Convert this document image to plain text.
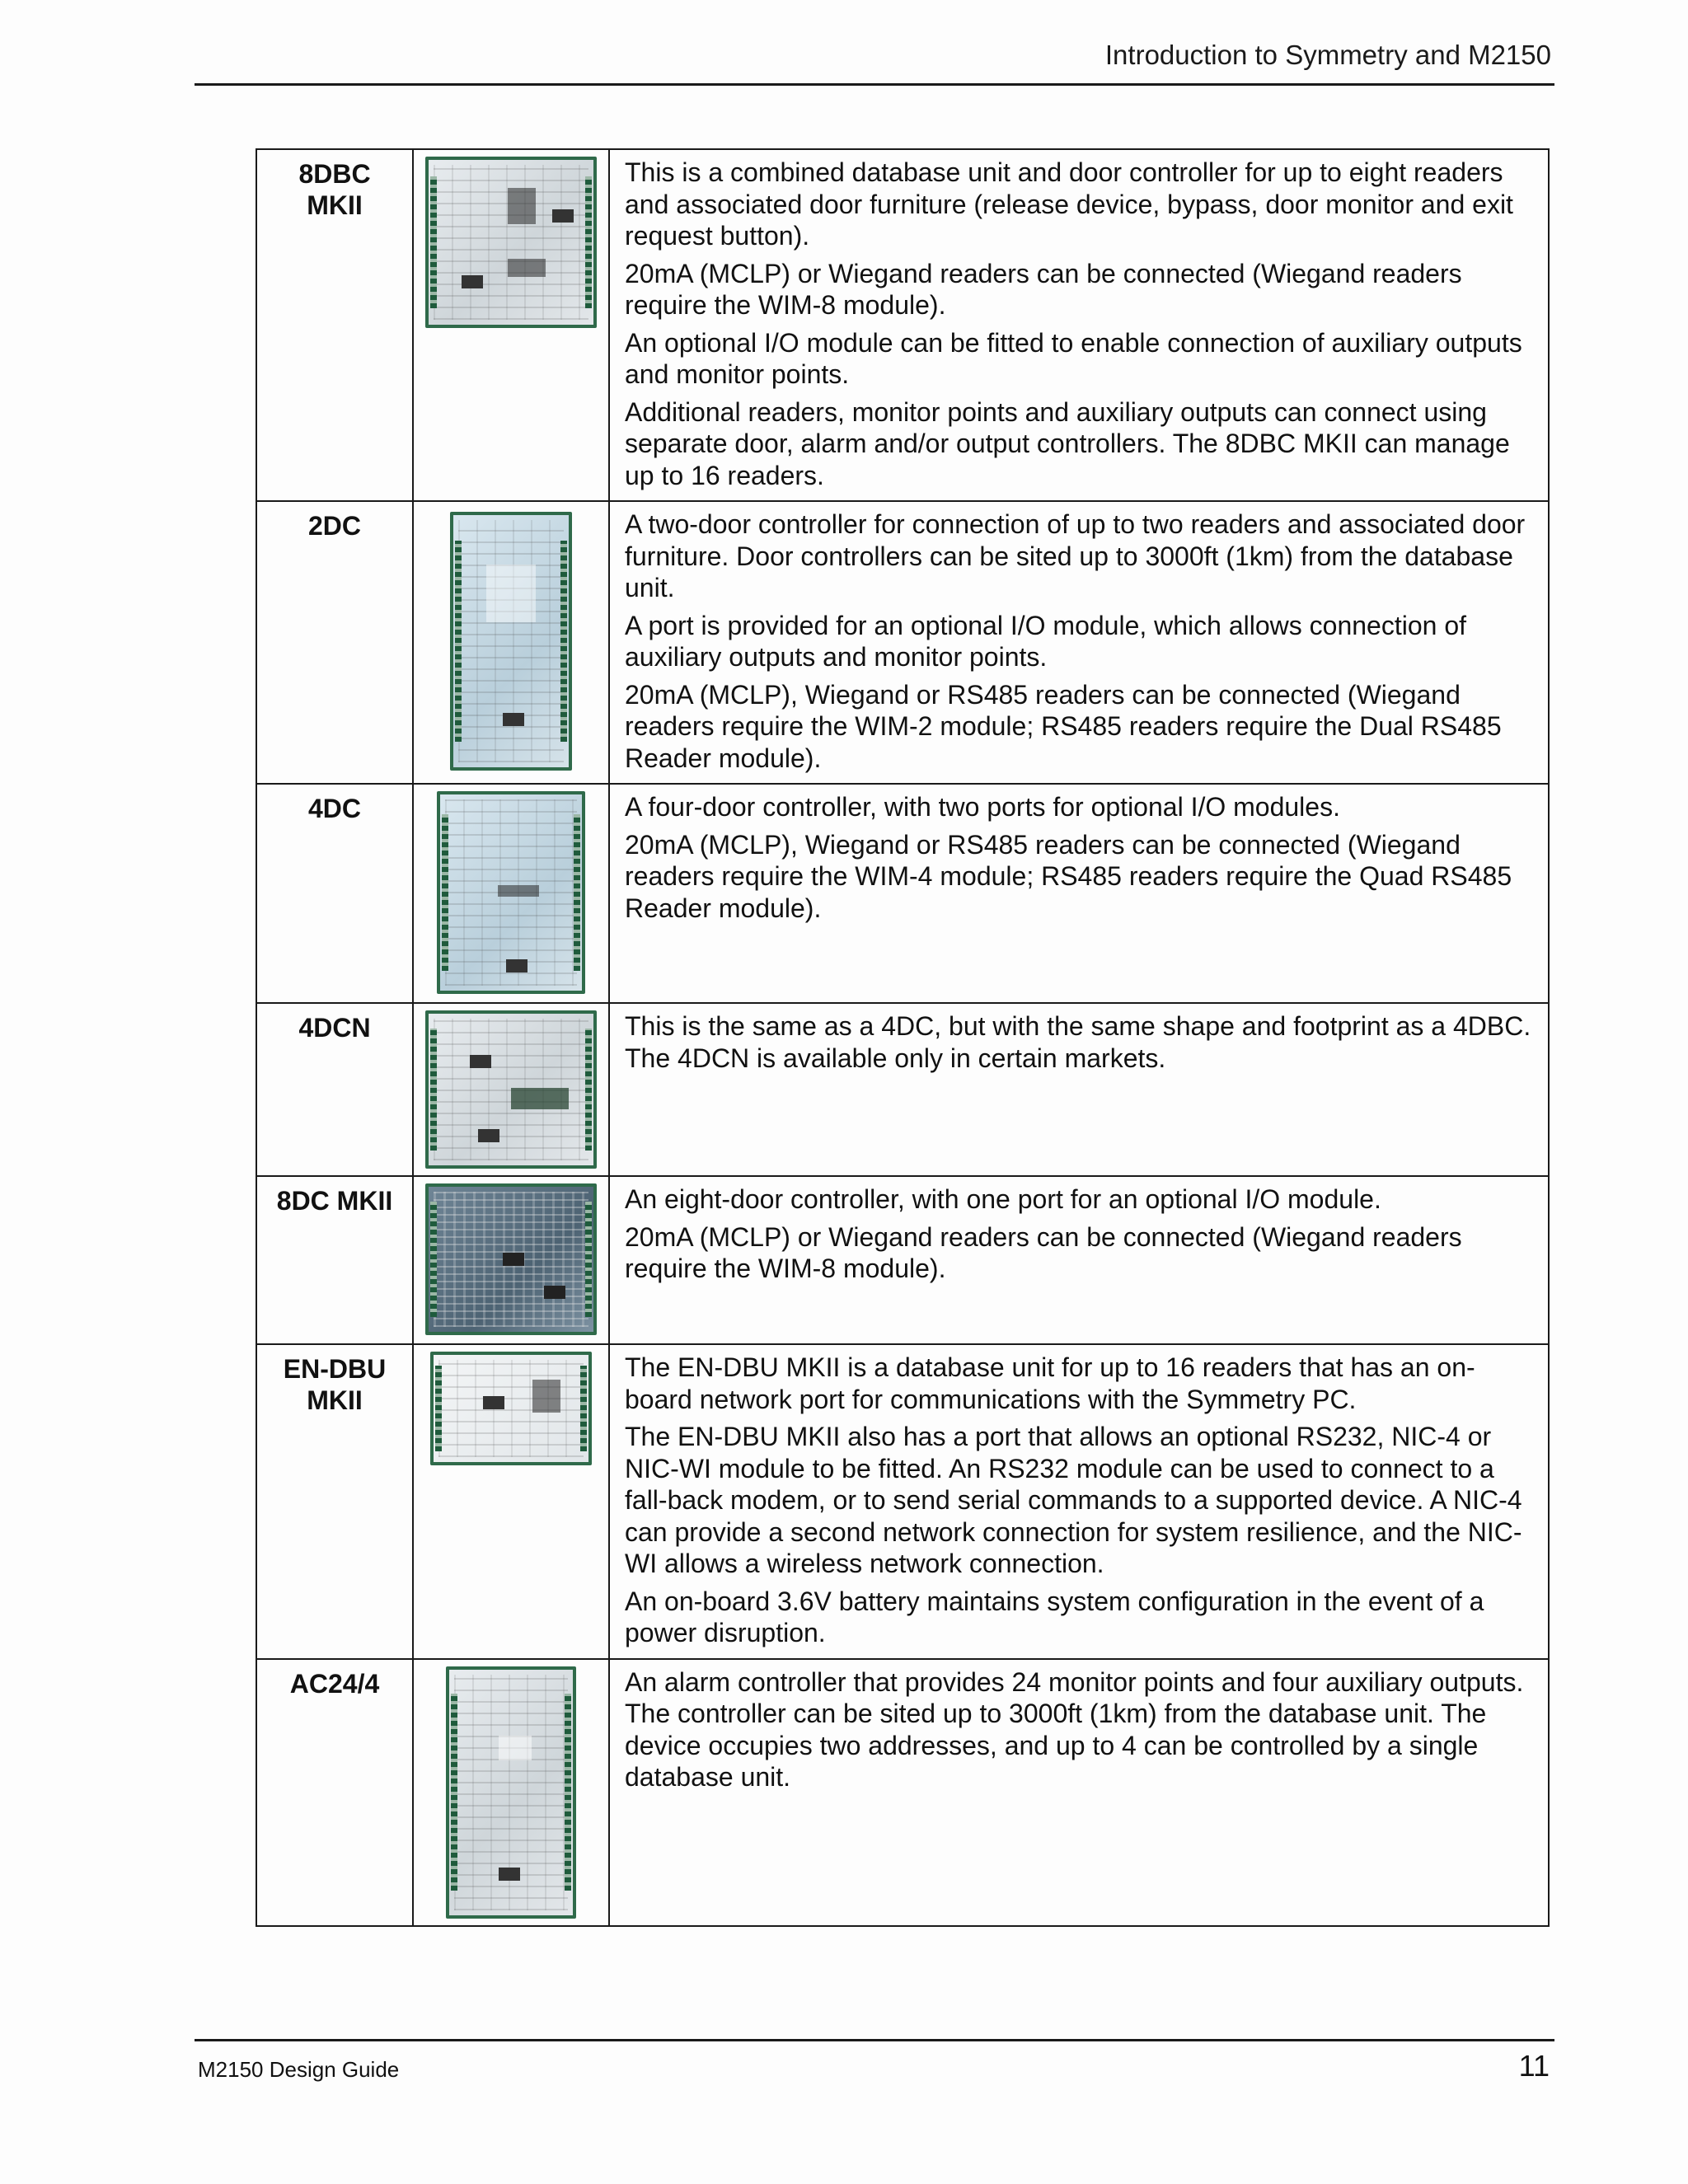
Introduction to Symmetry and M2150
8DBC MKII		This is a combined database unit and door controller for up to eight readers and associated door furniture (release device, bypass, door monitor and exit request button).

20mA (MCLP) or Wiegand readers can be connected (Wiegand readers require the WIM-8 module).

An optional I/O module can be fitted to enable connection of auxiliary outputs and monitor points.

Additional readers, monitor points and auxiliary outputs can connect using separate door, alarm and/or output controllers. The 8DBC MKII can manage up to 16 readers.

2DC		A two-door controller for connection of up to two readers and associated door furniture. Door controllers can be sited up to 3000ft (1km) from the database unit.

A port is provided for an optional I/O module, which allows connection of auxiliary outputs and monitor points.

20mA (MCLP), Wiegand or RS485 readers can be connected (Wiegand readers require the WIM-2 module; RS485 readers require the Dual RS485 Reader module).

4DC		A four-door controller, with two ports for optional I/O modules.

20mA (MCLP), Wiegand or RS485 readers can be connected (Wiegand readers require the WIM-4 module; RS485 readers require the Quad RS485 Reader module).

4DCN		This is the same as a 4DC, but with the same shape and footprint as a 4DBC. The 4DCN is available only in certain markets.

8DC MKII		An eight-door controller, with one port for an optional I/O module.

20mA (MCLP) or Wiegand readers can be connected (Wiegand readers require the WIM-8 module).

EN-DBU MKII		The EN-DBU MKII is a database unit for up to 16 readers that has an on-board network port for communications with the Symmetry PC.

The EN-DBU MKII also has a port that allows an optional RS232, NIC-4 or NIC-WI module to be fitted. An RS232 module can be used to connect to a fall-back modem, or to send serial commands to a supported device. A NIC-4 can provide a second network connection for system resilience, and the NIC-WI allows a wireless network connection.

An on-board 3.6V battery maintains system configuration in the event of a power disruption.

AC24/4		An alarm controller that provides 24 monitor points and four auxiliary outputs. The controller can be sited up to 3000ft (1km) from the database unit. The device occupies two addresses, and up to 4 can be controlled by a single database unit.

M2150 Design Guide	11
